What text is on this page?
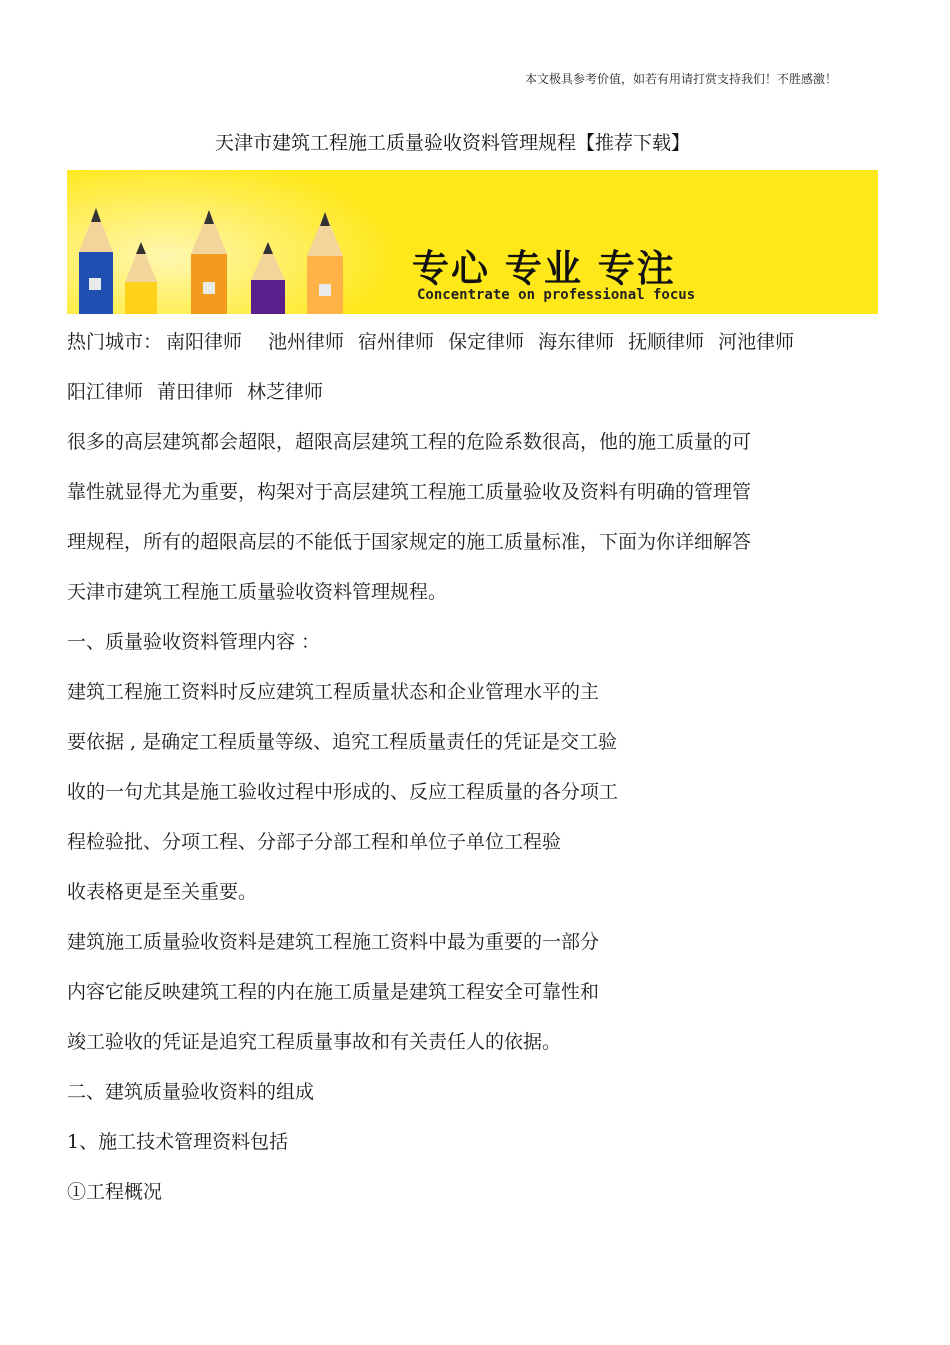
本文极具参考价值，如若有用请打赏支持我们！不胜感激！
天津市建筑工程施工质量验收资料管理规程【推荐下载】
专心 专业 专注
Concentrate on professional focus
热门城市： 南阳律师 池州律师 宿州律师 保定律师 海东律师 抚顺律师 河池律师
阳江律师 莆田律师 林芝律师
很多的高层建筑都会超限，超限高层建筑工程的危险系数很高，他的施工质量的可
靠性就显得尤为重要，构架对于高层建筑工程施工质量验收及资料有明确的管理管
理规程，所有的超限高层的不能低于国家规定的施工质量标准，下面为你详细解答
天津市建筑工程施工质量验收资料管理规程。
一、质量验收资料管理内容 ：
建筑工程施工资料时反应建筑工程质量状态和企业管理水平的主
要依据 , 是确定工程质量等级、追究工程质量责任的凭证是交工验
收的一句尤其是施工验收过程中形成的、反应工程质量的各分项工
程检验批、分项工程、分部子分部工程和单位子单位工程验
收表格更是至关重要。
建筑施工质量验收资料是建筑工程施工资料中最为重要的一部分
内容它能反映建筑工程的内在施工质量是建筑工程安全可靠性和
竣工验收的凭证是追究工程质量事故和有关责任人的依据。
二、建筑质量验收资料的组成
1、施工技术管理资料包括
①工程概况
